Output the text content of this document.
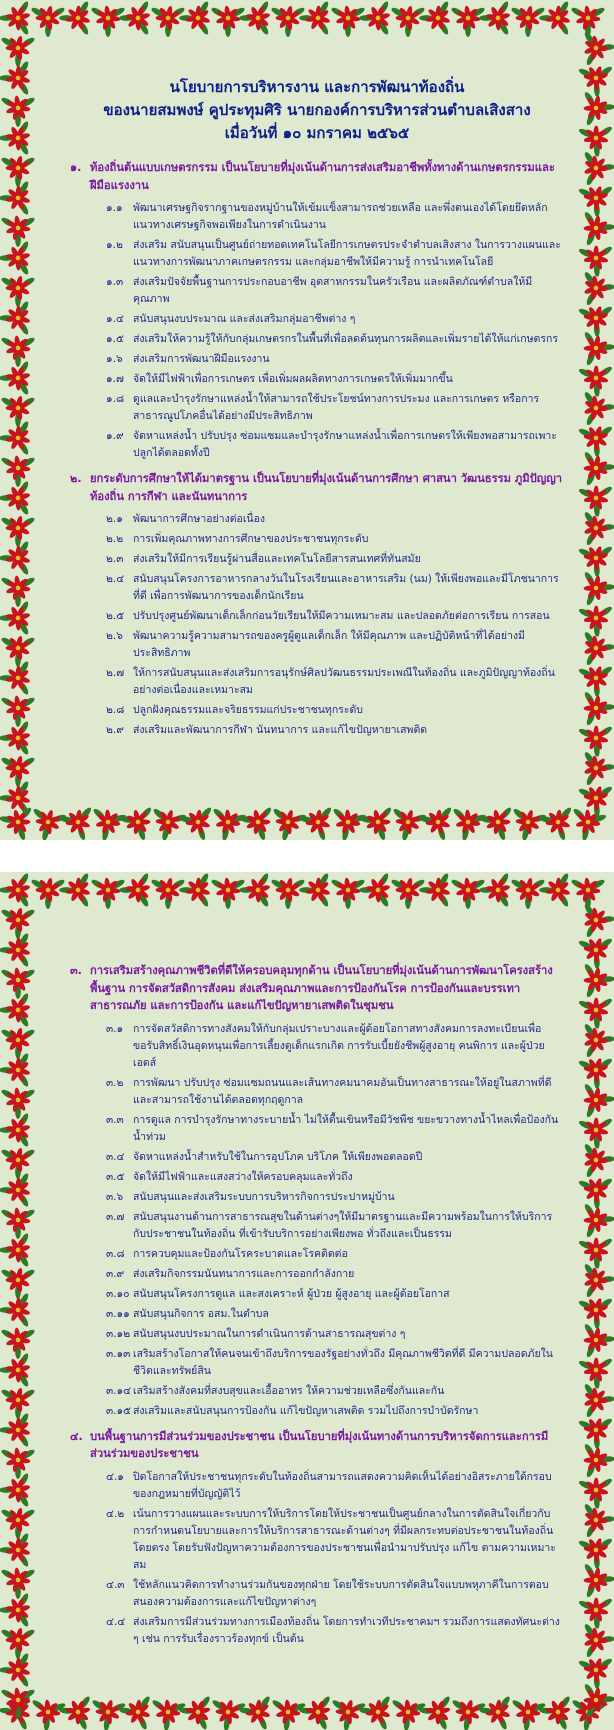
นโยบายการบริหารงาน และการพัฒนาท้องถิ่น
ของนายสมพงษ์ คูประทุมศิริ นายกองค์การบริหารส่วนตำบลเสิงสาง
เมื่อวันที่ ๑๐ มกราคม ๒๕๖๕
๑. ท้องถิ่นต้นแบบเกษตรกรรม เป็นนโยบายที่มุ่งเน้นด้านการส่งเสริมอาชีพทั้งทางด้านเกษตรกรรมและฝีมือแรงงาน
๑.๑ พัฒนาเศรษฐกิจรากฐานของหมู่บ้านให้เข้มแข็งสามารถช่วยเหลือ และพึ่งตนเองได้โดยยึดหลักแนวทางเศรษฐกิจพอเพียงในการดำเนินงาน
๑.๒ ส่งเสริม สนับสนุนเป็นศูนย์ถ่ายทอดเทคโนโลยีการเกษตรประจำตำบลเสิงสาง ในการวางแผนและแนวทางการพัฒนาภาคเกษตรกรรม และกลุ่มอาชีพให้มีความรู้ การนำเทคโนโลยี
๑.๓ ส่งเสริมปัจจัยพื้นฐานการประกอบอาชีพ อุตสาหกรรมในครัวเรือน และผลิตภัณฑ์ตำบลให้มีคุณภาพ
๑.๔ สนับสนุนงบประมาณ และส่งเสริมกลุ่มอาชีพต่าง ๆ
๑.๕ ส่งเสริมให้ความรู้ให้กับกลุ่มเกษตรกรในพื้นที่เพื่อลดต้นทุนการผลิตและเพิ่มรายได้ให้แก่เกษตรกร
๑.๖ ส่งเสริมการพัฒนาฝีมือแรงงาน
๑.๗ จัดให้มีไฟฟ้าเพื่อการเกษตร เพื่อเพิ่มผลผลิตทางการเกษตรให้เพิ่มมากขึ้น
๑.๘ ดูแลและบำรุงรักษาแหล่งน้ำให้สามารถใช้ประโยชน์ทางการประมง และการเกษตร หรือการสาธารณูปโภคอื่นได้อย่างมีประสิทธิภาพ
๑.๙ จัดหาแหล่งน้ำ ปรับปรุง ซ่อมแซมและบำรุงรักษาแหล่งน้ำเพื่อการเกษตรให้เพียงพอสามารถเพาะปลูกได้ตลอดทั้งปี
๒. ยกระดับการศึกษาให้ได้มาตรฐาน เป็นนโยบายที่มุ่งเน้นด้านการศึกษา ศาสนา วัฒนธรรม ภูมิปัญญาท้องถิ่น การกีฬา และนันทนาการ
๒.๑ พัฒนาการศึกษาอย่างต่อเนื่อง
๒.๒ การเพิ่มคุณภาพทางการศึกษาของประชาชนทุกระดับ
๒.๓ ส่งเสริมให้มีการเรียนรู้ผ่านสื่อและเทคโนโลยีสารสนเทศที่ทันสมัย
๒.๔ สนับสนุนโครงการอาหารกลางวันในโรงเรียนและอาหารเสริม (นม) ให้เพียงพอและมีโภชนาการที่ดี เพื่อการพัฒนาการของเด็กนักเรียน
๒.๕ ปรับปรุงศูนย์พัฒนาเด็กเล็กก่อนวัยเรียนให้มีความเหมาะสม และปลอดภัยต่อการเรียน การสอน
๒.๖ พัฒนาความรู้ความสามารถของครูผู้ดูแลเด็กเล็ก ให้มีคุณภาพ และปฏิบัติหน้าที่ได้อย่างมีประสิทธิภาพ
๒.๗ ให้การสนับสนุนและส่งเสริมการอนุรักษ์ศิลปวัฒนธรรมประเพณีในท้องถิ่น และภูมิปัญญาท้องถิ่นอย่างต่อเนื่องและเหมาะสม
๒.๘ ปลูกฝังคุณธรรมและจริยธรรมแก่ประชาชนทุกระดับ
๒.๙ ส่งเสริมและพัฒนาการกีฬา นันทนาการ และแก้ไขปัญหายาเสพติด
๓. การเสริมสร้างคุณภาพชีวิตที่ดีให้ครอบคลุมทุกด้าน เป็นนโยบายที่มุ่งเน้นด้านการพัฒนาโครงสร้างพื้นฐาน การจัดสวัสดิการสังคม ส่งเสริมคุณภาพและการป้องกันโรค การป้องกันและบรรเทาสาธารณภัย และการป้องกัน และแก้ไขปัญหายาเสพติดในชุมชน
๓.๑ การจัดสวัสดิการทางสังคมให้กับกลุ่มเปราะบางและผู้ด้อยโอกาสทางสังคมการลงทะเบียนเพื่อขอรับสิทธิ์เงินอุดหนุนเพื่อการเลี้ยงดูเด็กแรกเกิด การรับเบี้ยยังชีพผู้สูงอายุ คนพิการ และผู้ป่วยเอดส์
๓.๒ การพัฒนา ปรับปรุง ซ่อมแซมถนนและเส้นทางคมนาคมอันเป็นทางสาธารณะให้อยู่ในสภาพที่ดีและสามารถใช้งานได้ตลอดทุกฤดูกาล
๓.๓ การดูแล การบำรุงรักษาทางระบายน้ำ ไม่ให้ตื้นเขินหรือมีวัชพืช ขยะขวางทางน้ำไหลเพื่อป้องกันน้ำท่วม
๓.๔ จัดหาแหล่งน้ำสำหรับใช้ในการอุปโภค บริโภค ให้เพียงพอตลอดปี
๓.๕ จัดให้มีไฟฟ้าและแสงสว่างให้ครอบคลุมและทั่วถึง
๓.๖ สนับสนุนและส่งเสริมระบบการบริหารกิจการประปาหมู่บ้าน
๓.๗ สนับสนุนงานด้านการสาธารณสุขในด้านต่างๆให้มีมาตรฐานและมีความพร้อมในการให้บริการกับประชาชนในท้องถิ่น ที่เข้ารับบริการอย่างเพียงพอ ทั่วถึงและเป็นธรรม
๓.๘ การควบคุมและป้องกันโรคระบาดและโรคติดต่อ
๓.๙ ส่งเสริมกิจกรรมนันทนาการและการออกกำลังกาย
๓.๑๐ สนับสนุนโครงการดูแล และสงเคราะห์ ผู้ป่วย ผู้สูงอายุ และผู้ด้อยโอกาส
๓.๑๑ สนับสนุนกิจการ อสม.ในตำบล
๓.๑๒ สนับสนุนงบประมาณในการดำเนินการด้านสาธารณสุขต่าง ๆ
๓.๑๓ เสริมสร้างโอกาสให้คนจนเข้าถึงบริการของรัฐอย่างทั่วถึง มีคุณภาพชีวิตที่ดี มีความปลอดภัยในชีวิตและทรัพย์สิน
๓.๑๔ เสริมสร้างสังคมที่สงบสุขและเอื้ออาทร ให้ความช่วยเหลือซึ่งกันและกัน
๓.๑๕ ส่งเสริมและสนับสนุนการป้องกัน แก้ไขปัญหาเสพติด รวมไปถึงการบำบัดรักษา
๔. บนพื้นฐานการมีส่วนร่วมของประชาชน เป็นนโยบายที่มุ่งเน้นทางด้านการบริหารจัดการและการมีส่วนร่วมของประชาชน
๔.๑ ปิดโอกาสให้ประชาชนทุกระดับในท้องถิ่นสามารถแสดงความคิดเห็นได้อย่างอิสระภายใต้กรอบของกฎหมายที่บัญญัติไว้
๔.๒ เน้นการวางแผนและระบบการให้บริการโดยให้ประชาชนเป็นศูนย์กลางในการตัดสินใจเกี่ยวกับการกำหนดนโยบายและการให้บริการสาธารณะด้านต่างๆ ที่มีผลกระทบต่อประชาชนในท้องถิ่นโดยตรง โดยรับฟังปัญหาความต้องการของประชาชนเพื่อนำมาปรับปรุง แก้ไข ตามความเหมาะสม
๔.๓ ใช้หลักแนวคิดการทำงานร่วมกันของทุกฝ่าย โดยใช้ระบบการตัดสินใจแบบพหุภาคีในการตอบสนองความต้องการและแก้ไขปัญหาต่างๆ
๔.๔ ส่งเสริมการมีส่วนร่วมทางการเมืองท้องถิ่น โดยการทำเวทีประชาคมฯ รวมถึงการแสดงทัศนะต่าง ๆ เช่น การรับเรื่องราวร้องทุกข์ เป็นต้น
